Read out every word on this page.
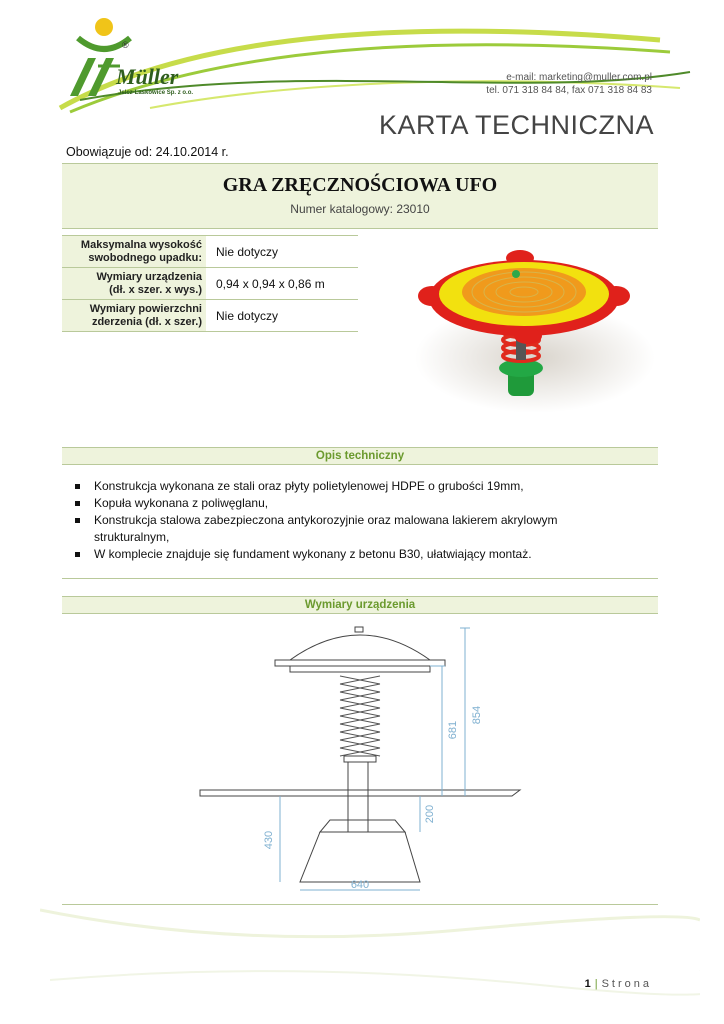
®
Müller
Jelcz-Laskowice Sp. z o.o.
e-mail: marketing@muller.com.pl
tel. 071 318 84 84, fax 071 318 84 83
KARTA TECHNICZNA
Obowiązuje od: 24.10.2014 r.
GRA ZRĘCZNOŚCIOWA UFO
Numer katalogowy: 23010
Maksymalna wysokość
swobodnego upadku:	Nie dotyczy
Wymiary urządzenia
(dł. x szer. x wys.)	0,94 x 0,94 x 0,86 m
Wymiary powierzchni
zderzenia (dł. x szer.)	Nie dotyczy
Opis techniczny
Konstrukcja wykonana ze stali oraz płyty polietylenowej HDPE o grubości 19mm,
Kopuła wykonana z poliwęglanu,
Konstrukcja stalowa zabezpieczona antykorozyjnie oraz malowana lakierem akrylowym strukturalnym,
W komplecie znajduje się fundament wykonany z betonu B30, ułatwiający montaż.
Wymiary urządzenia
854
681
200
430
640
1 | Strona
